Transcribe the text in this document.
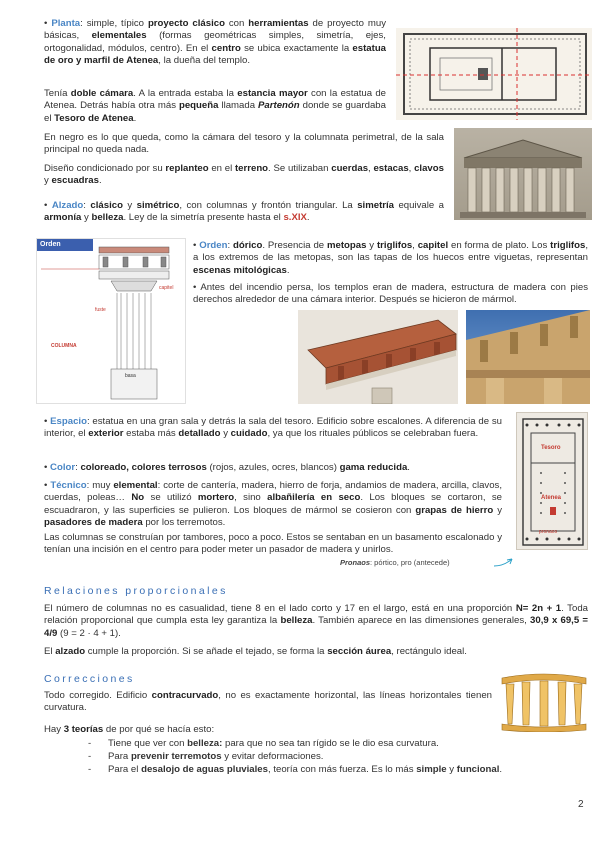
• Planta: simple, típico proyecto clásico con herramientas de proyecto muy básicas, elementales (formas geométricas simples, simetría, ejes, ortogonalidad, módulos, centro). En el centro se ubica exactamente la estatua de oro y marfil de Atenea, la dueña del templo.
Tenía doble cámara. A la entrada estaba la estancia mayor con la estatua de Atenea. Detrás había otra más pequeña llamada Partenón donde se guardaba el Tesoro de Atenea.
En negro es lo que queda, como la cámara del tesoro y la columnata perimetral, de la sala principal no queda nada.
Diseño condicionado por su replanteo en el terreno. Se utilizaban cuerdas, estacas, clavos y escuadras.
• Alzado: clásico y simétrico, con columnas y frontón triangular. La simetría equivale a armonía y belleza. Ley de la simetría presente hasta el s.XIX.
Orden
COLUMNA
fuste
capitel
basa
• Orden: dórico. Presencia de metopas y triglifos, capitel en forma de plato. Los triglifos, a los extremos de las metopas, son las tapas de los huecos entre viguetas, representan escenas mitológicas.
• Antes del incendio persa, los templos eran de madera, estructura de madera con pies derechos alrededor de una cámara interior. Después se hicieron de mármol.
• Espacio: estatua en una gran sala y detrás la sala del tesoro. Edificio sobre escalones. A diferencia de su interior, el exterior estaba más detallado y cuidado, ya que los rituales públicos se celebraban fuera.
• Color: coloreado, colores terrosos (rojos, azules, ocres, blancos) gama reducida.
• Técnico: muy elemental: corte de cantería, madera, hierro de forja, andamios de madera, arcilla, clavos, cuerdas, poleas… No se utilizó mortero, sino albañilería en seco. Los bloques se cortaron, se escuadraron, y las superficies se pulieron. Los bloques de mármol se cosieron con grapas de hierro y pasadores de madera por los terremotos.
Las columnas se construían por tambores, poco a poco. Estos se sentaban en un basamento escalonado y tenían una incisión en el centro para poder meter un pasador de madera y unirlos.
Pronaos: pórtico, pro (antecede)
Tesoro
Atenea
pronaos
Relaciones proporcionales
El número de columnas no es casualidad, tiene 8 en el lado corto y 17 en el largo, está en una proporción N= 2n + 1. Toda relación proporcional que cumpla esta ley garantiza la belleza. También aparece en las dimensiones generales, 30,9 x 69,5 = 4/9 (9 = 2 · 4 + 1).
El alzado cumple la proporción. Si se añade el tejado, se forma la sección áurea, rectángulo ideal.
Correcciones
Todo corregido. Edificio contracurvado, no es exactamente horizontal, las líneas horizontales tienen curvatura.
Hay 3 teorías de por qué se hacía esto:
- Tiene que ver con belleza: para que no sea tan rígido se le dio esa curvatura.
- Para prevenir terremotos y evitar deformaciones.
- Para el desalojo de aguas pluviales, teoría con más fuerza. Es lo más simple y funcional.
2
